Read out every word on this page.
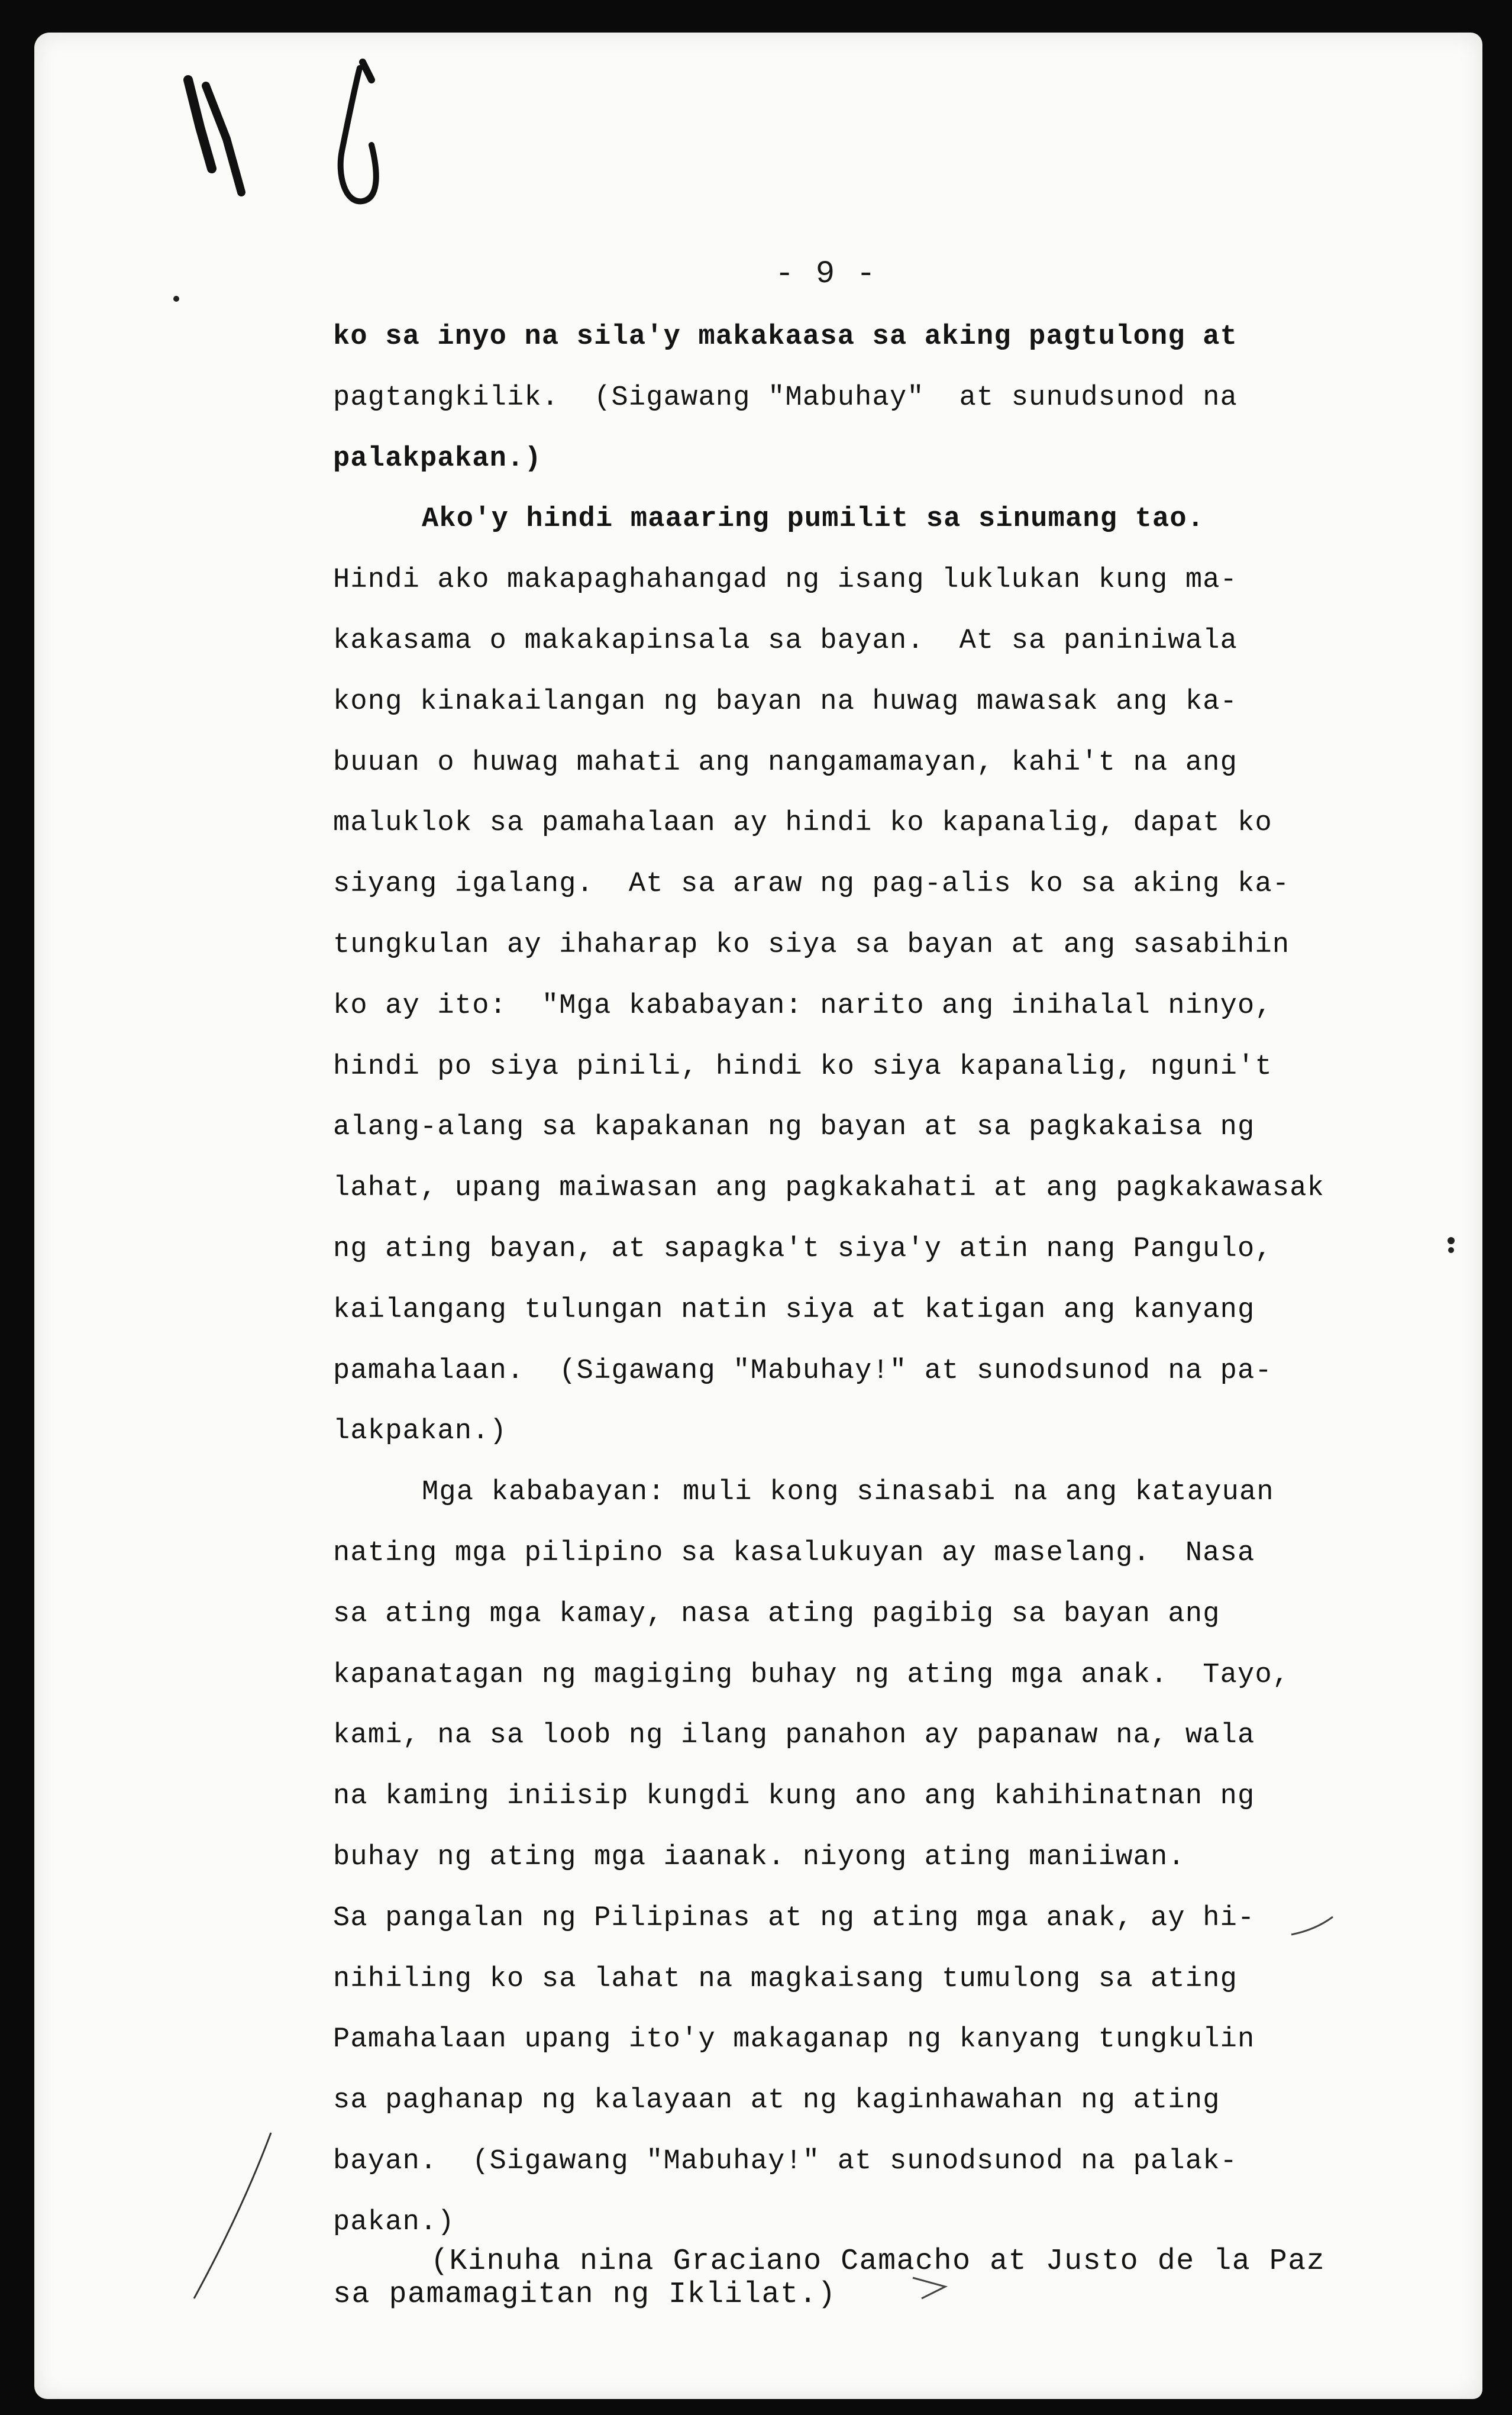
- 9 -
ko sa inyo na sila'y makakaasa sa aking pagtulong at
pagtangkilik.  (Sigawang "Mabuhay"  at sunudsunod na
palakpakan.)
Ako'y hindi maaaring pumilit sa sinumang tao.
Hindi ako makapaghahangad ng isang luklukan kung ma-
kakasama o makakapinsala sa bayan.  At sa paniniwala
kong kinakailangan ng bayan na huwag mawasak ang ka-
buuan o huwag mahati ang nangamamayan, kahi't na ang
maluklok sa pamahalaan ay hindi ko kapanalig, dapat ko
siyang igalang.  At sa araw ng pag-alis ko sa aking ka-
tungkulan ay ihaharap ko siya sa bayan at ang sasabihin
ko ay ito:  "Mga kababayan: narito ang inihalal ninyo,
hindi po siya pinili, hindi ko siya kapanalig, nguni't
alang-alang sa kapakanan ng bayan at sa pagkakaisa ng
lahat, upang maiwasan ang pagkakahati at ang pagkakawasak
ng ating bayan, at sapagka't siya'y atin nang Pangulo,
kailangang tulungan natin siya at katigan ang kanyang
pamahalaan.  (Sigawang "Mabuhay!" at sunodsunod na pa-
lakpakan.)
Mga kababayan: muli kong sinasabi na ang katayuan
nating mga pilipino sa kasalukuyan ay maselang.  Nasa
sa ating mga kamay, nasa ating pagibig sa bayan ang
kapanatagan ng magiging buhay ng ating mga anak.  Tayo,
kami, na sa loob ng ilang panahon ay papanaw na, wala
na kaming iniisip kungdi kung ano ang kahihinatnan ng
buhay ng ating mga iaanak. niyong ating maniiwan.
Sa pangalan ng Pilipinas at ng ating mga anak, ay hi-
nihiling ko sa lahat na magkaisang tumulong sa ating
Pamahalaan upang ito'y makaganap ng kanyang tungkulin
sa paghanap ng kalayaan at ng kaginhawahan ng ating
bayan.  (Sigawang "Mabuhay!" at sunodsunod na palak-
pakan.)
(Kinuha nina Graciano Camacho at Justo de la Paz
sa pamamagitan ng Iklilat.)
